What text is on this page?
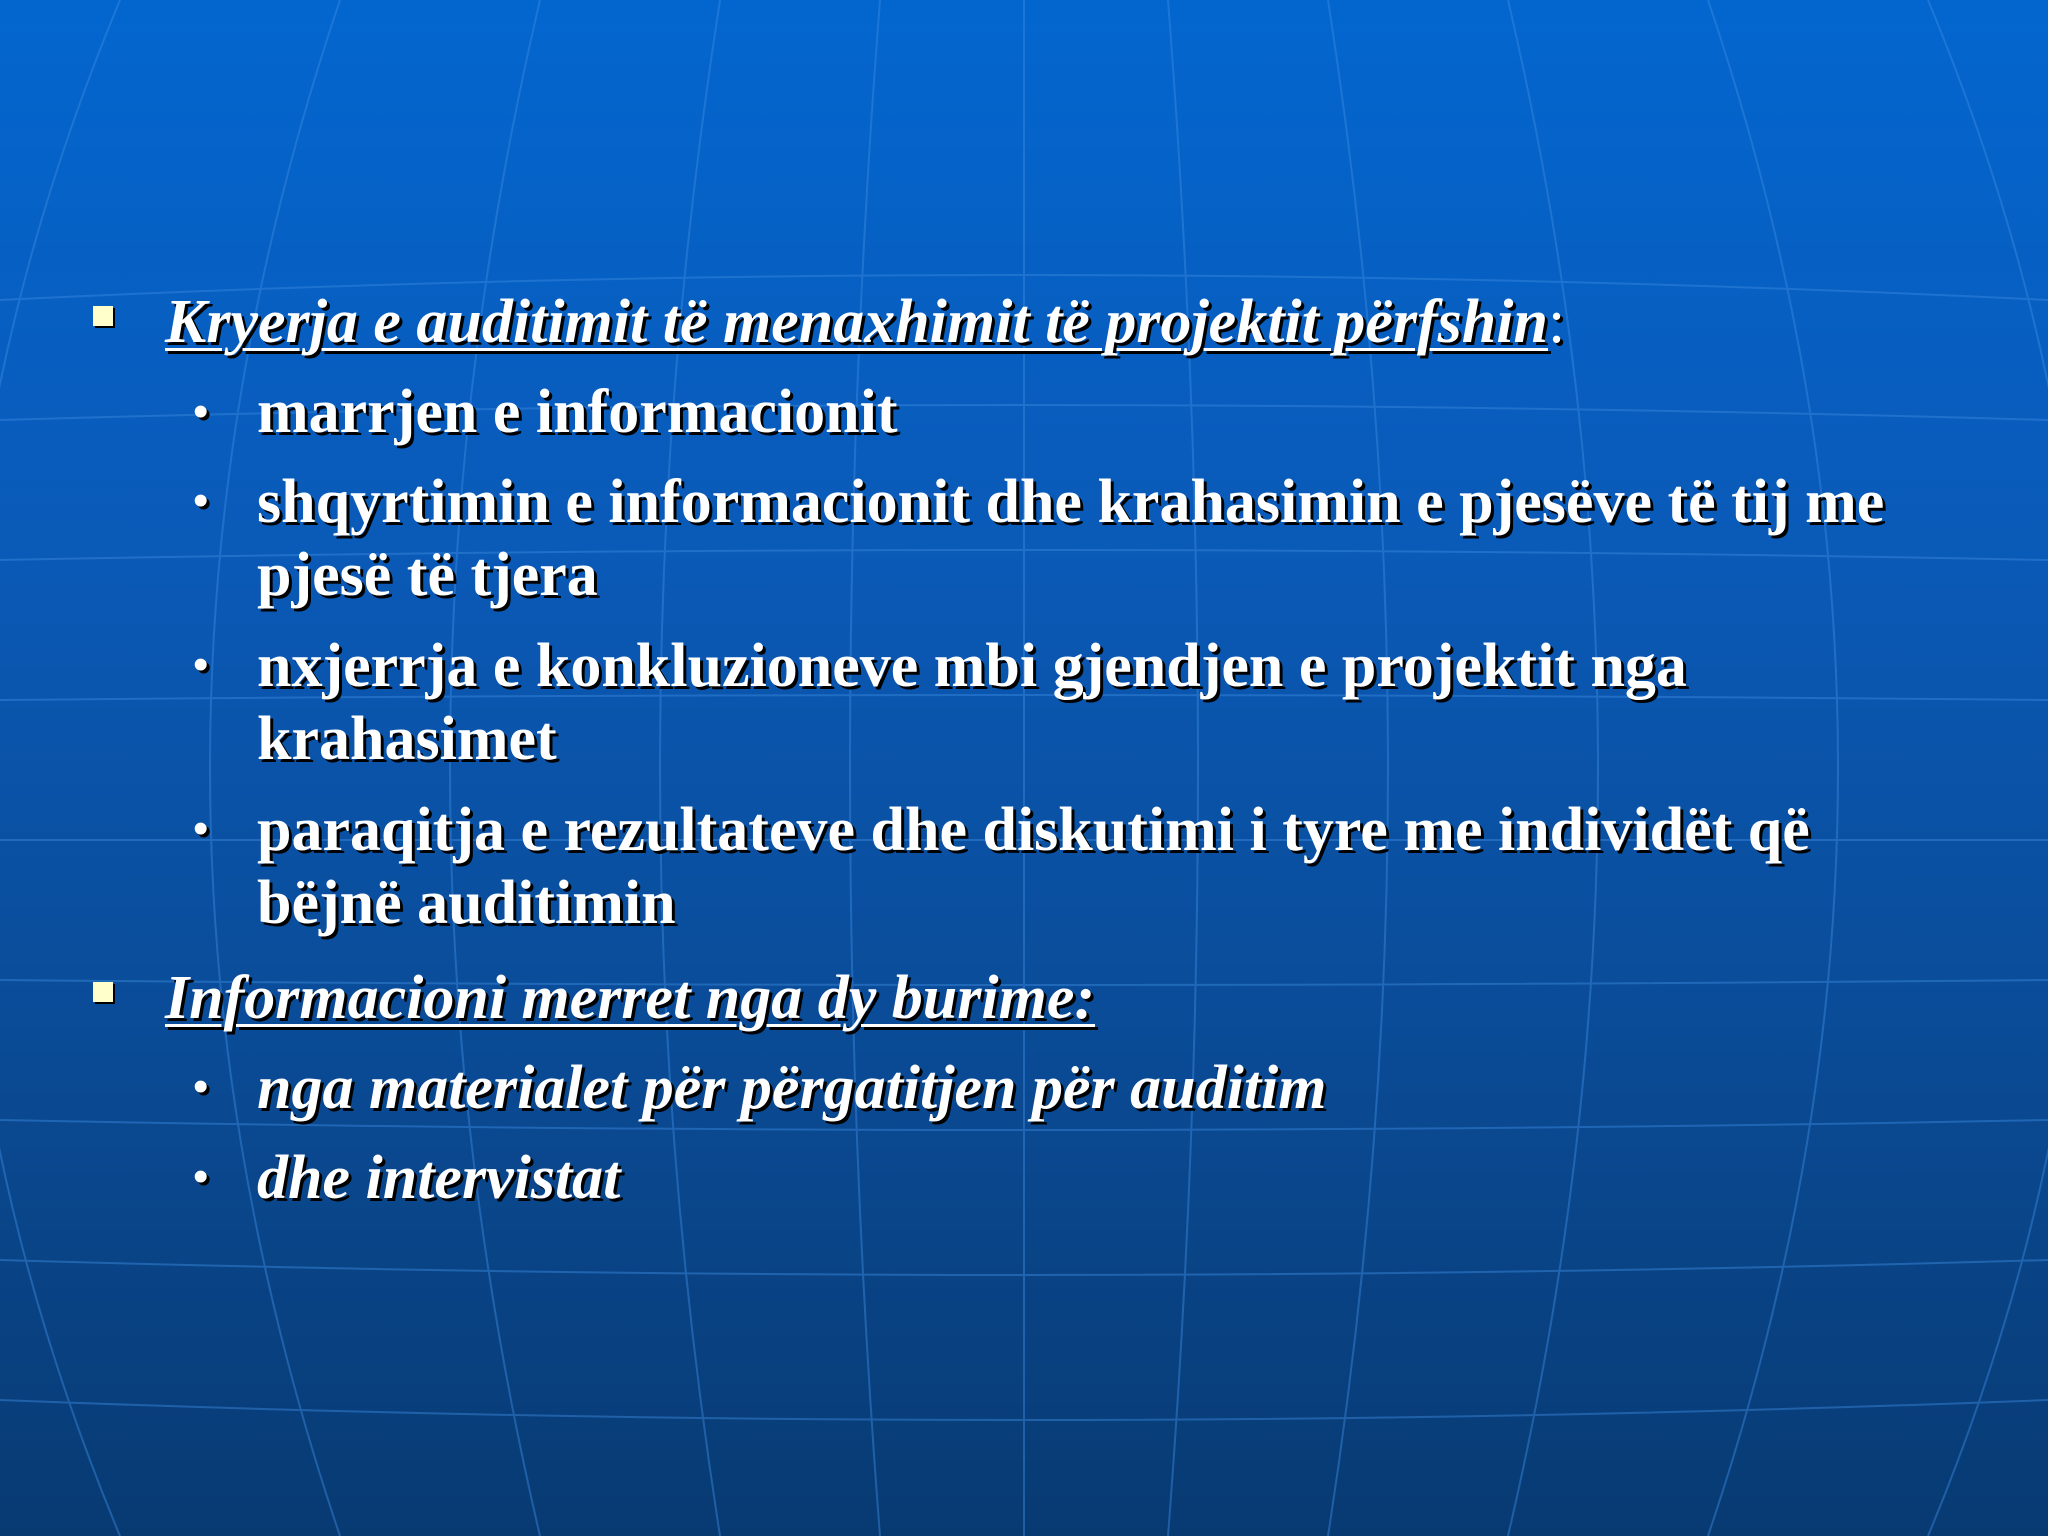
Kryerja e auditimit të menaxhimit të projektit përfshin:
• marrjen e informacionit
• shqyrtimin e informacionit dhe krahasimin e pjesëve të tij me pjesë të tjera
• nxjerrja e konkluzioneve mbi gjendjen e projektit nga krahasimet
• paraqitja e rezultateve dhe diskutimi i tyre me individët që bëjnë auditimin
Informacioni merret nga dy burime:
• nga materialet për përgatitjen për auditim
• dhe intervistat
